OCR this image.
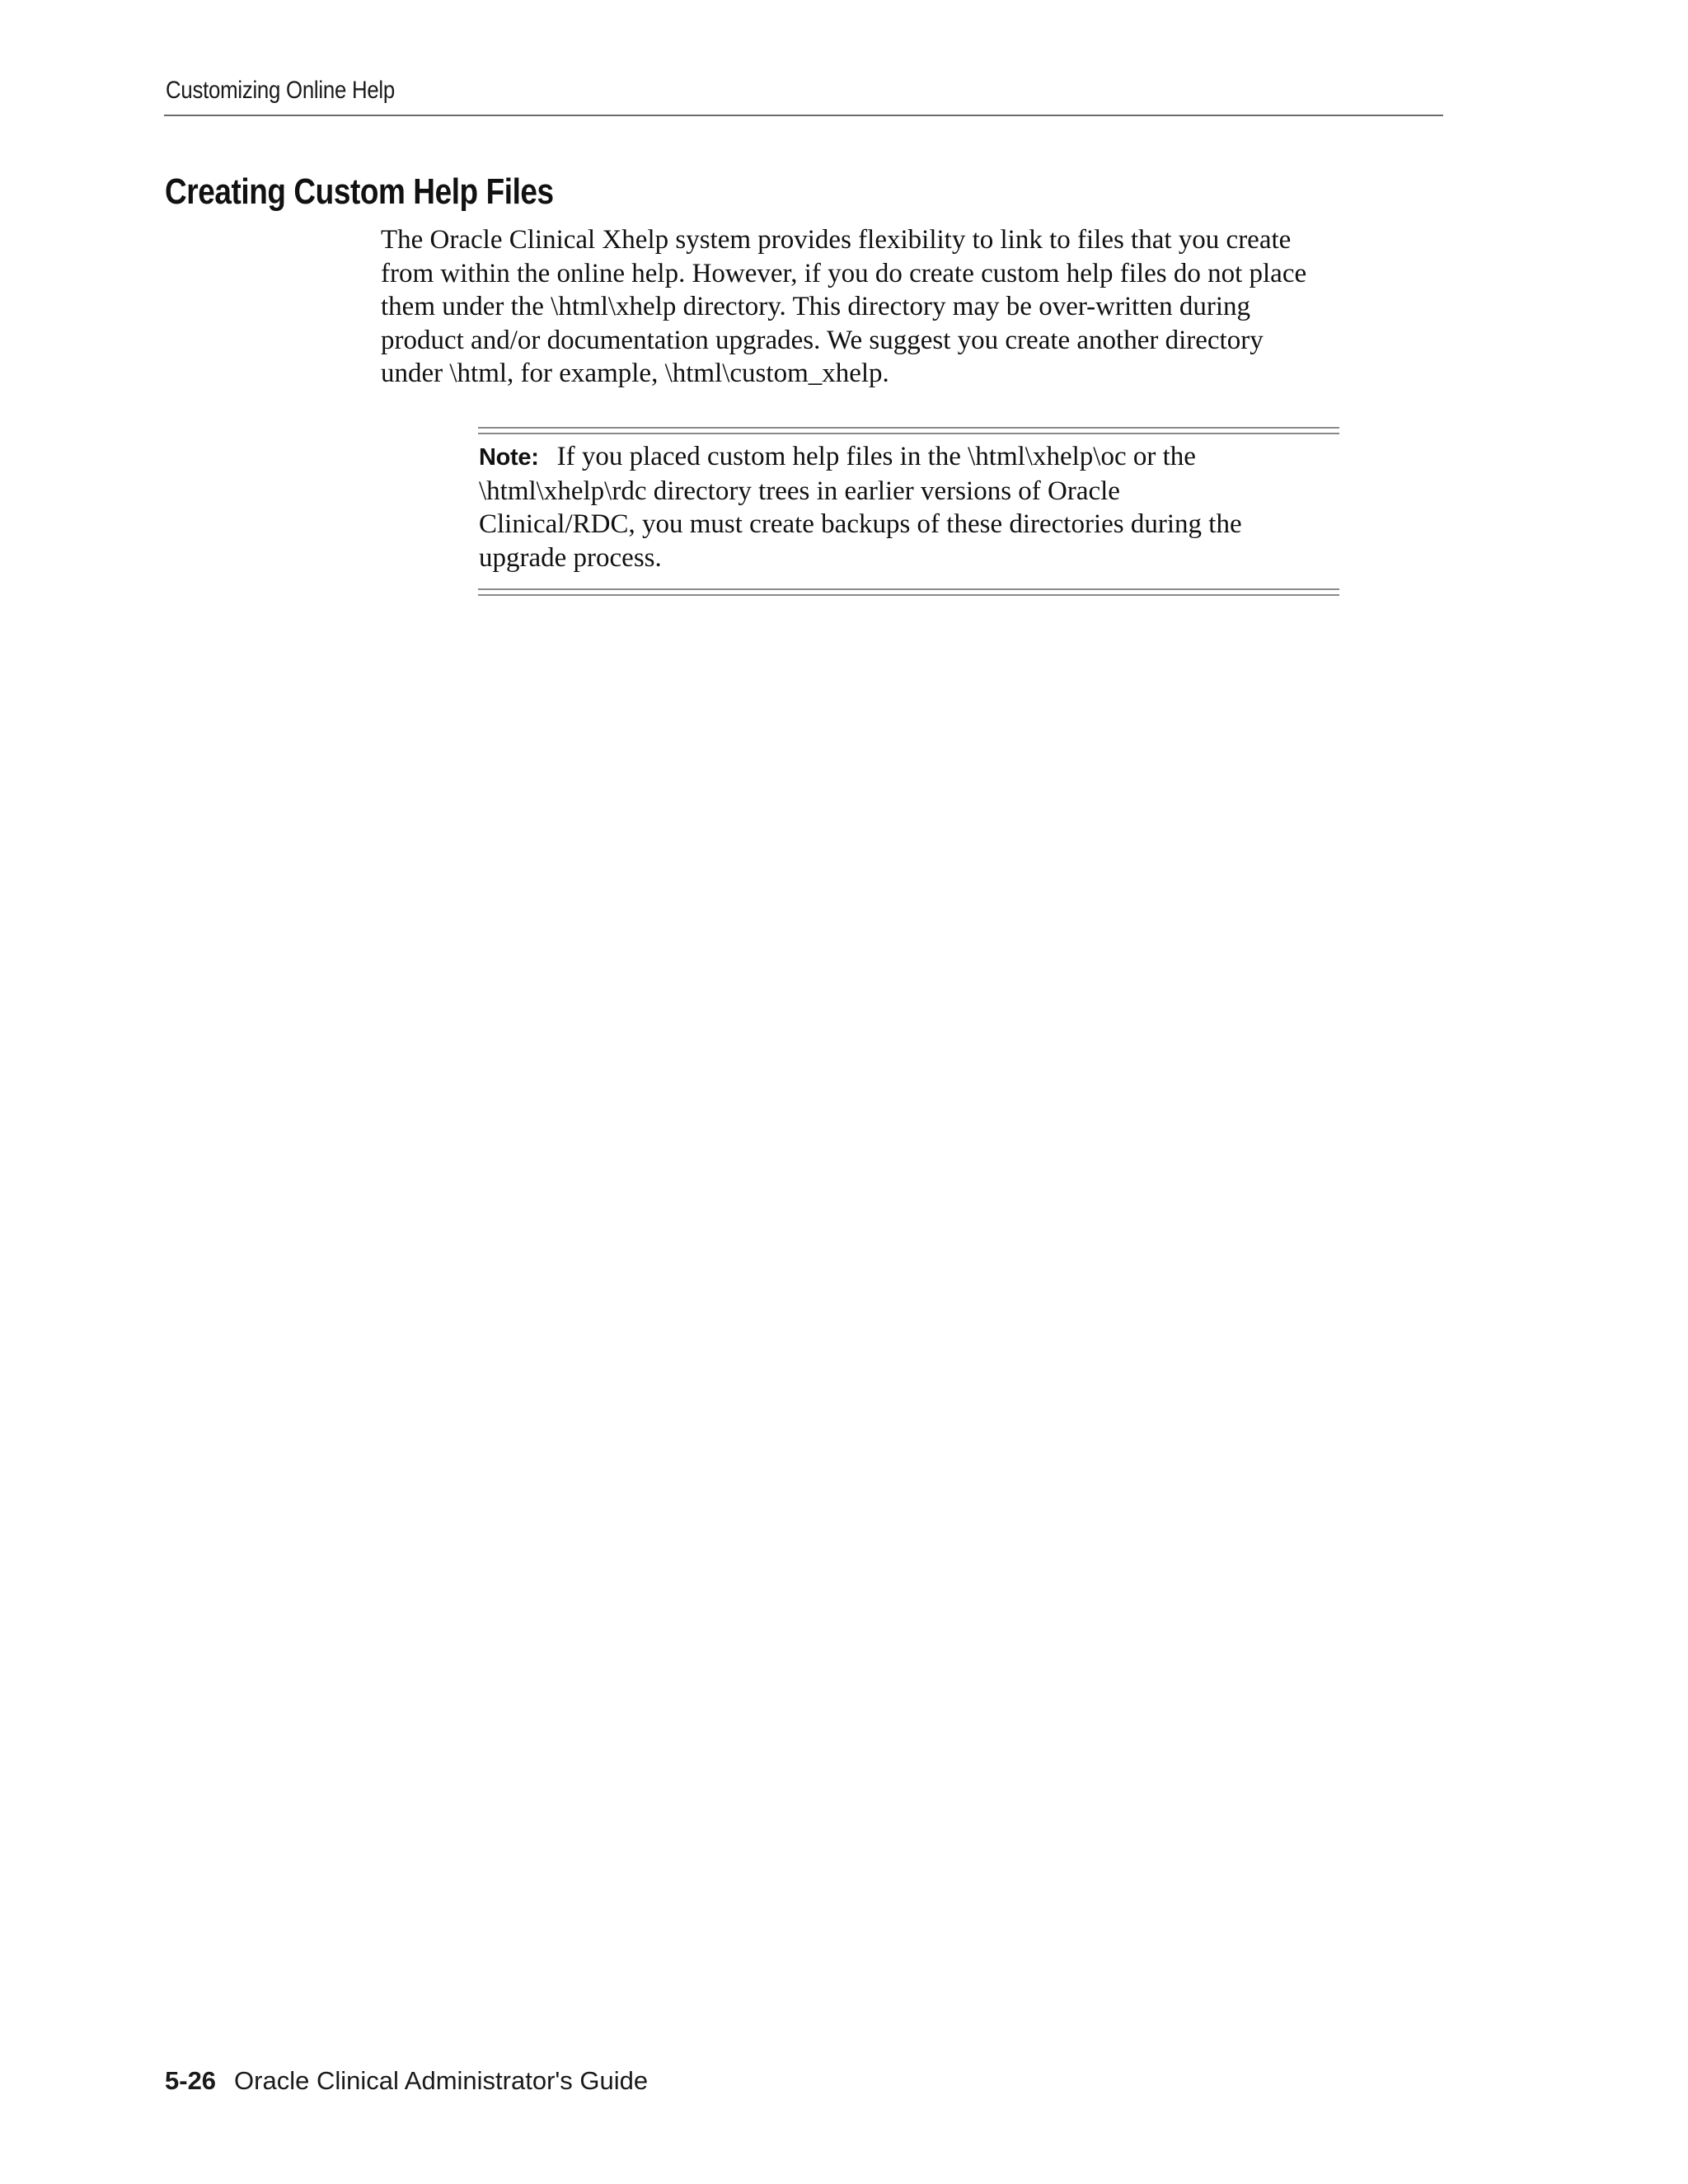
Customizing Online Help
Creating Custom Help Files

The Oracle Clinical Xhelp system provides flexibility to link to files that you create
from within the online help. However, if you do create custom help files do not place
them under the \html\xhelp directory. This directory may be over-written during
product and/or documentation upgrades. We suggest you create another directory
under \html, for example, \html\custom_xhelp.

Note: If you placed custom help files in the \html\xhelp\oc or the
\html\xhelp\rdc directory trees in earlier versions of Oracle
Clinical/RDC, you must create backups of these directories during the
upgrade process.

5-26 Oracle Clinical Administrator's Guide
